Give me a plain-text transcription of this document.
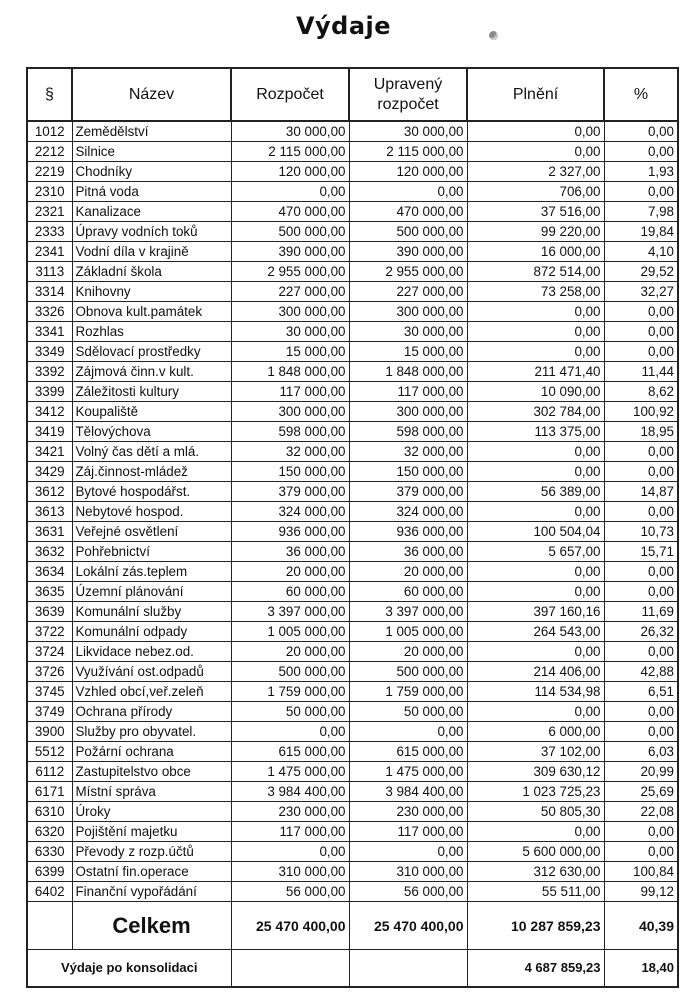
Výdaje
§	Název	Rozpočet	Upravený rozpočet	Plnění	%
1012	Zemědělství	30 000,00	30 000,00	0,00	0,00
2212	Silnice	2 115 000,00	2 115 000,00	0,00	0,00
2219	Chodníky	120 000,00	120 000,00	2 327,00	1,93
2310	Pitná voda	0,00	0,00	706,00	0,00
2321	Kanalizace	470 000,00	470 000,00	37 516,00	7,98
2333	Úpravy vodních toků	500 000,00	500 000,00	99 220,00	19,84
2341	Vodní díla v krajině	390 000,00	390 000,00	16 000,00	4,10
3113	Základní škola	2 955 000,00	2 955 000,00	872 514,00	29,52
3314	Knihovny	227 000,00	227 000,00	73 258,00	32,27
3326	Obnova kult.památek	300 000,00	300 000,00	0,00	0,00
3341	Rozhlas	30 000,00	30 000,00	0,00	0,00
3349	Sdělovací prostředky	15 000,00	15 000,00	0,00	0,00
3392	Zájmová činn.v kult.	1 848 000,00	1 848 000,00	211 471,40	11,44
3399	Záležitosti kultury	117 000,00	117 000,00	10 090,00	8,62
3412	Koupaliště	300 000,00	300 000,00	302 784,00	100,92
3419	Tělovýchova	598 000,00	598 000,00	113 375,00	18,95
3421	Volný čas dětí a mlá.	32 000,00	32 000,00	0,00	0,00
3429	Záj.činnost-mládež	150 000,00	150 000,00	0,00	0,00
3612	Bytové hospodářst.	379 000,00	379 000,00	56 389,00	14,87
3613	Nebytové hospod.	324 000,00	324 000,00	0,00	0,00
3631	Veřejné osvětlení	936 000,00	936 000,00	100 504,04	10,73
3632	Pohřebnictví	36 000,00	36 000,00	5 657,00	15,71
3634	Lokální zás.teplem	20 000,00	20 000,00	0,00	0,00
3635	Územní plánování	60 000,00	60 000,00	0,00	0,00
3639	Komunální služby	3 397 000,00	3 397 000,00	397 160,16	11,69
3722	Komunální odpady	1 005 000,00	1 005 000,00	264 543,00	26,32
3724	Likvidace nebez.od.	20 000,00	20 000,00	0,00	0,00
3726	Využívání ost.odpadů	500 000,00	500 000,00	214 406,00	42,88
3745	Vzhled obcí,veř.zeleň	1 759 000,00	1 759 000,00	114 534,98	6,51
3749	Ochrana přírody	50 000,00	50 000,00	0,00	0,00
3900	Služby pro obyvatel.	0,00	0,00	6 000,00	0,00
5512	Požární ochrana	615 000,00	615 000,00	37 102,00	6,03
6112	Zastupitelstvo obce	1 475 000,00	1 475 000,00	309 630,12	20,99
6171	Místní správa	3 984 400,00	3 984 400,00	1 023 725,23	25,69
6310	Úroky	230 000,00	230 000,00	50 805,30	22,08
6320	Pojištění majetku	117 000,00	117 000,00	0,00	0,00
6330	Převody z rozp.účtů	0,00	0,00	5 600 000,00	0,00
6399	Ostatní fin.operace	310 000,00	310 000,00	312 630,00	100,84
6402	Finanční vypořádání	56 000,00	56 000,00	55 511,00	99,12
	Celkem	25 470 400,00	25 470 400,00	10 287 859,23	40,39
Výdaje po konsolidaci				4 687 859,23	18,40
